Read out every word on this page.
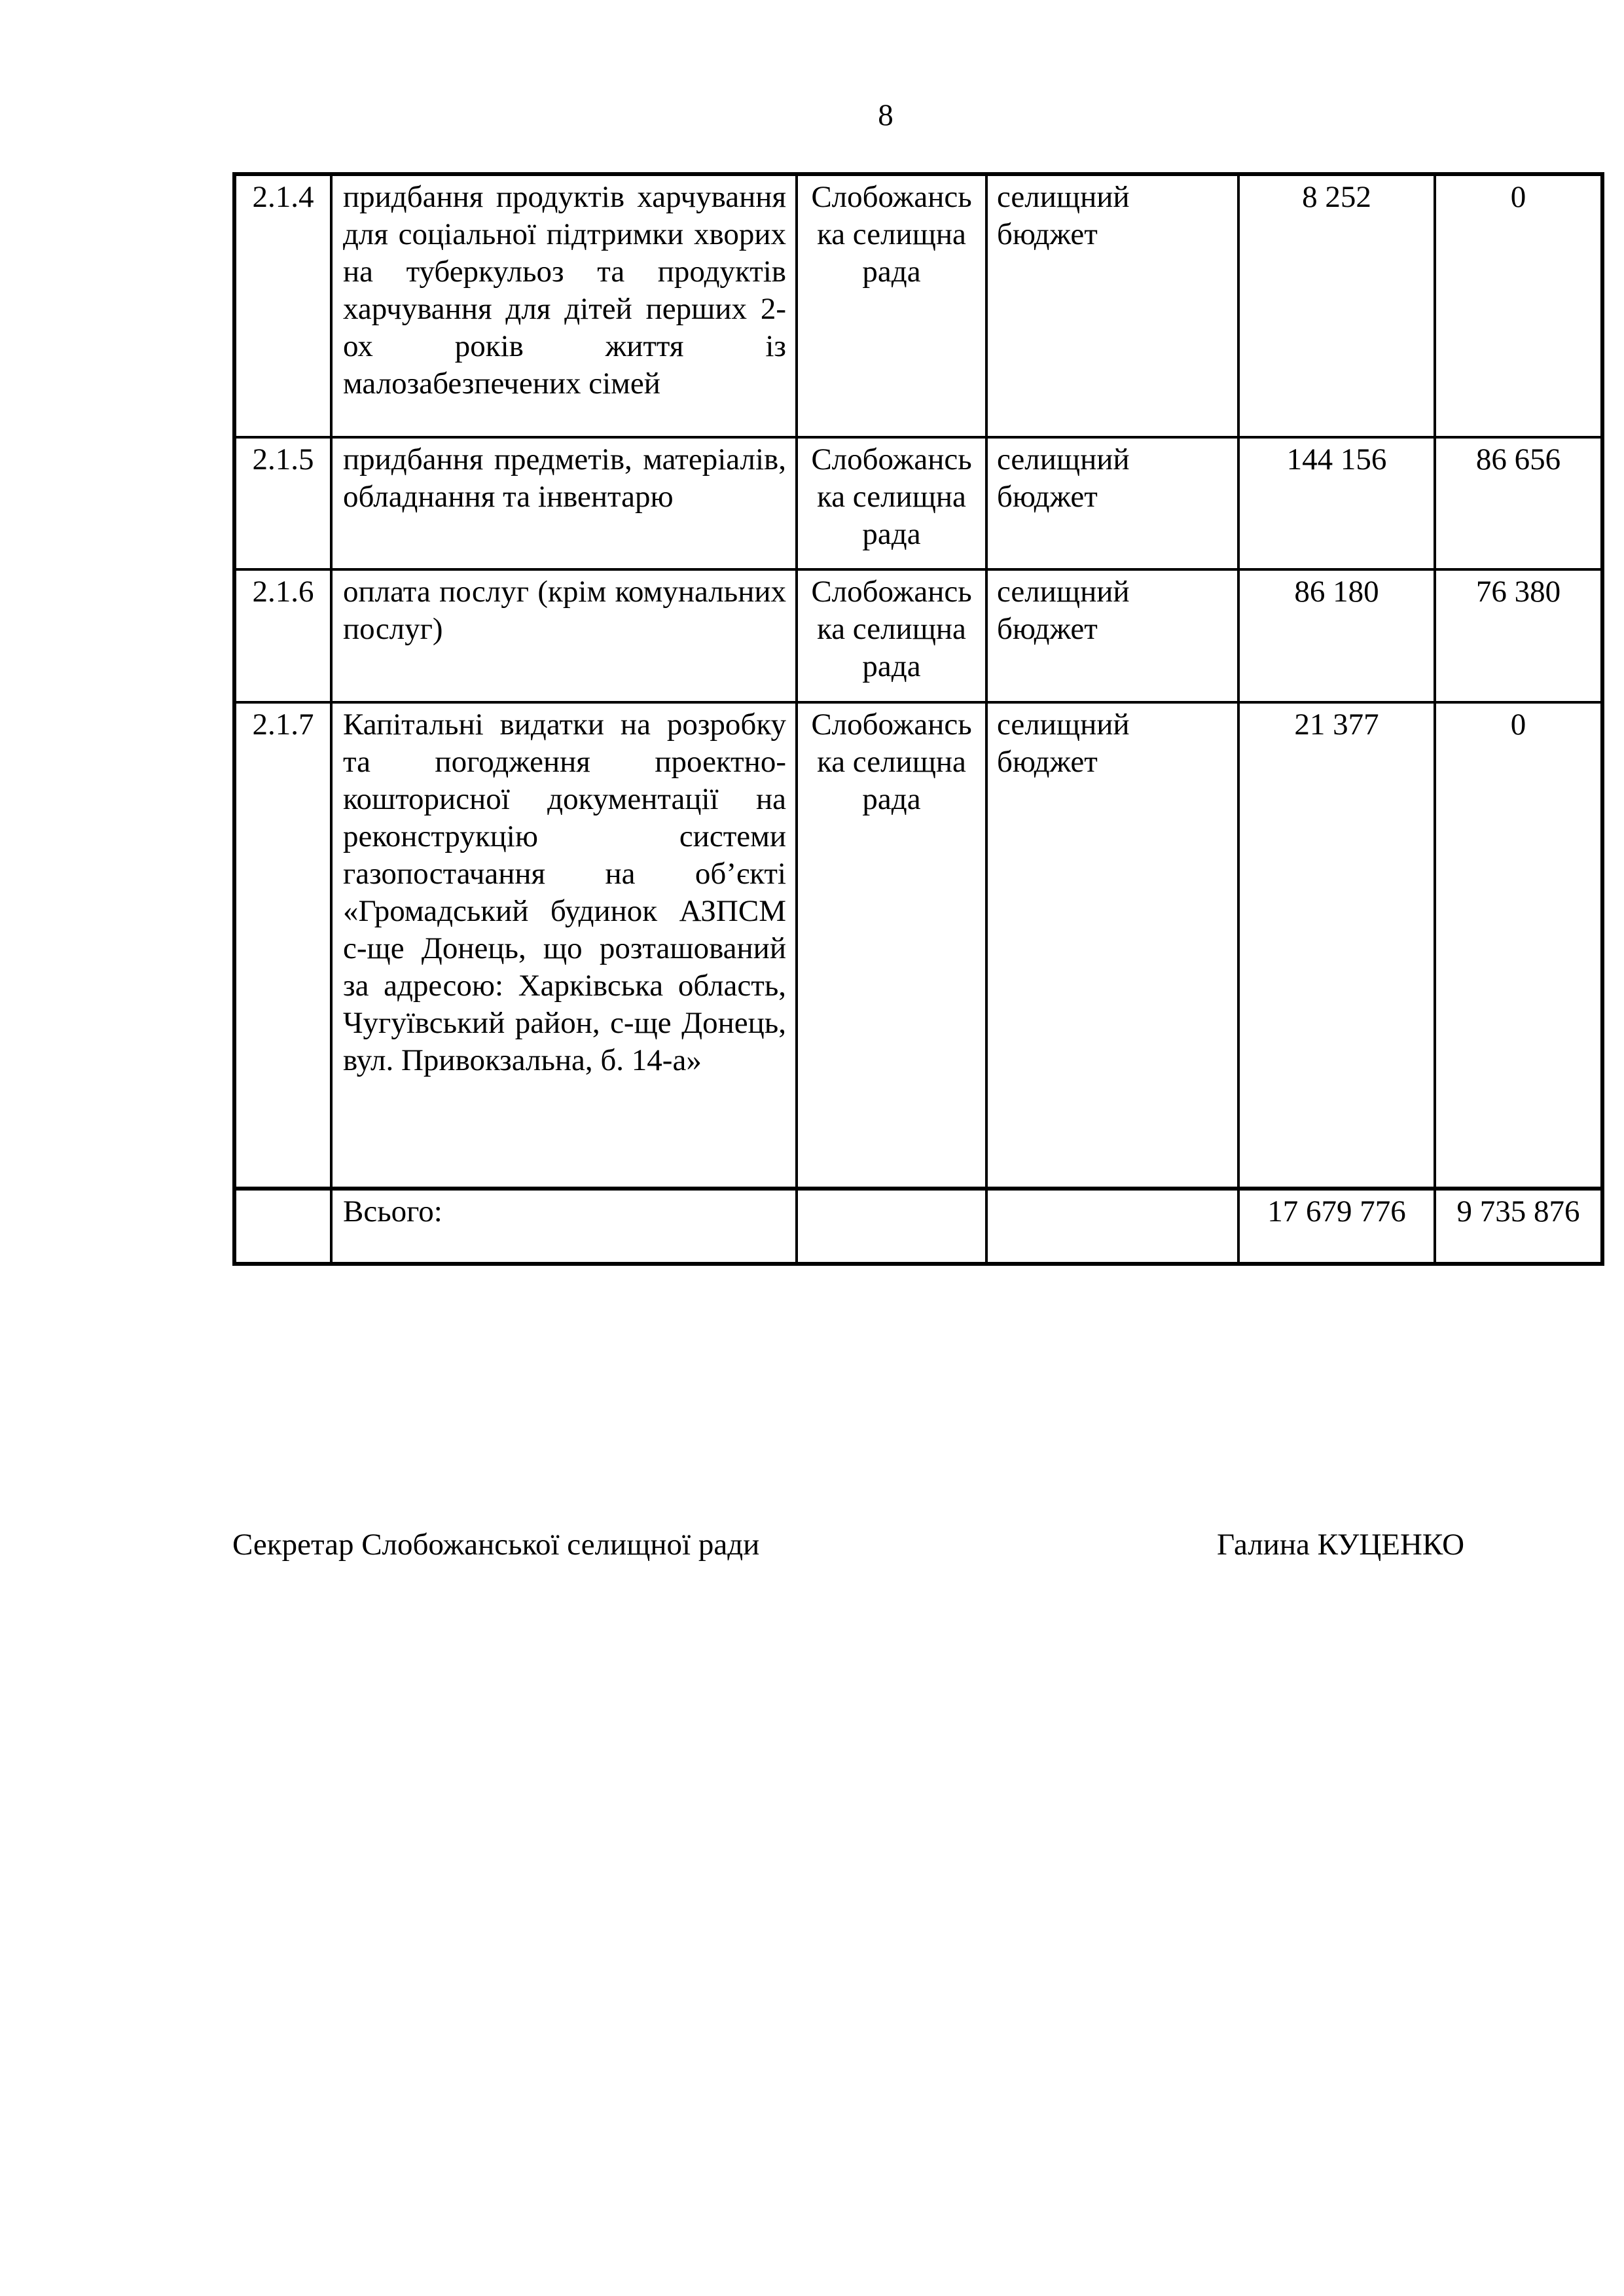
8
2.1.4	придбання продуктів харчування для соціальної підтримки хворих на туберкульоз та продуктів харчування для дітей перших 2-ох років життя із малозабезпечених сімей	Слобожанська селищна рада	селищний бюджет	8 252	0
2.1.5	придбання предметів, матеріалів, обладнання та інвентарю	Слобожанська селищна рада	селищний бюджет	144 156	86 656
2.1.6	оплата послуг (крім комунальних послуг)	Слобожанська селищна рада	селищний бюджет	86 180	76 380
2.1.7	Капітальні видатки на розробку та погодження проектно-кошторисної документації на реконструкцію системи газопостачання на об’єкті «Громадський будинок АЗПСМ с-ще Донець, що розташований за адресою: Харківська область, Чугуївський район, с-ще Донець, вул. Привокзальна, б. 14-а»	Слобожанська селищна рада	селищний бюджет	21 377	0
	Всього:			17 679 776	9 735 876
Секретар Слобожанської селищної ради	Галина КУЦЕНКО
